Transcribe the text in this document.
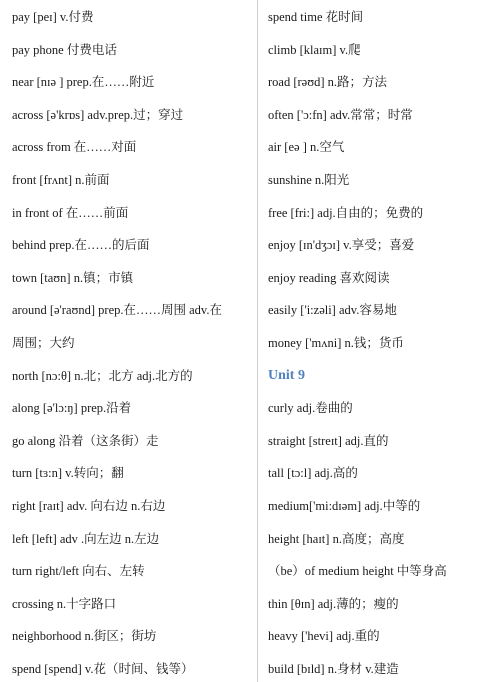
pay [peɪ] v.付费
pay phone 付费电话
near [nɪə ] prep.在……附近
across [ə'krɒs] adv.prep.过；穿过
across from 在……对面
front [frʌnt] n.前面
in front of 在……前面
behind prep.在……的后面
town [taʊn] n.镇；市镇
around [ə'raʊnd] prep.在……周围 adv.在
周围；大约
north [nɔ:θ] n.北；北方 adj.北方的
along [ə'lɔ:ŋ] prep.沿着
go along 沿着（这条街）走
turn [tɜ:n] v.转向；翻
right [raɪt] adv. 向右边 n.右边
left [left] adv .向左边 n.左边
turn right/left 向右、左转
crossing n.十字路口
neighborhood n.街区；街坊
spend [spend] v.花（时间、钱等）
spend time 花时间
climb [klaɪm] v.爬
road [rəʊd] n.路；方法
often ['ɔ:fn] adv.常常；时常
air [eə ] n.空气
sunshine n.阳光
free [fri:] adj.自由的；免费的
enjoy [ɪn'dʒɔɪ] v.享受；喜爱
enjoy reading 喜欢阅读
easily ['i:zəli] adv.容易地
money ['mʌni] n.钱；货币
Unit 9
curly adj.卷曲的
straight [streɪt] adj.直的
tall [tɔ:l] adj.高的
medium['mi:dɪəm] adj.中等的
height [haɪt] n.高度；高度
（be）of medium height 中等身高
thin [θɪn] adj.薄的；瘦的
heavy ['hevi] adj.重的
build [bɪld] n.身材 v.建造
